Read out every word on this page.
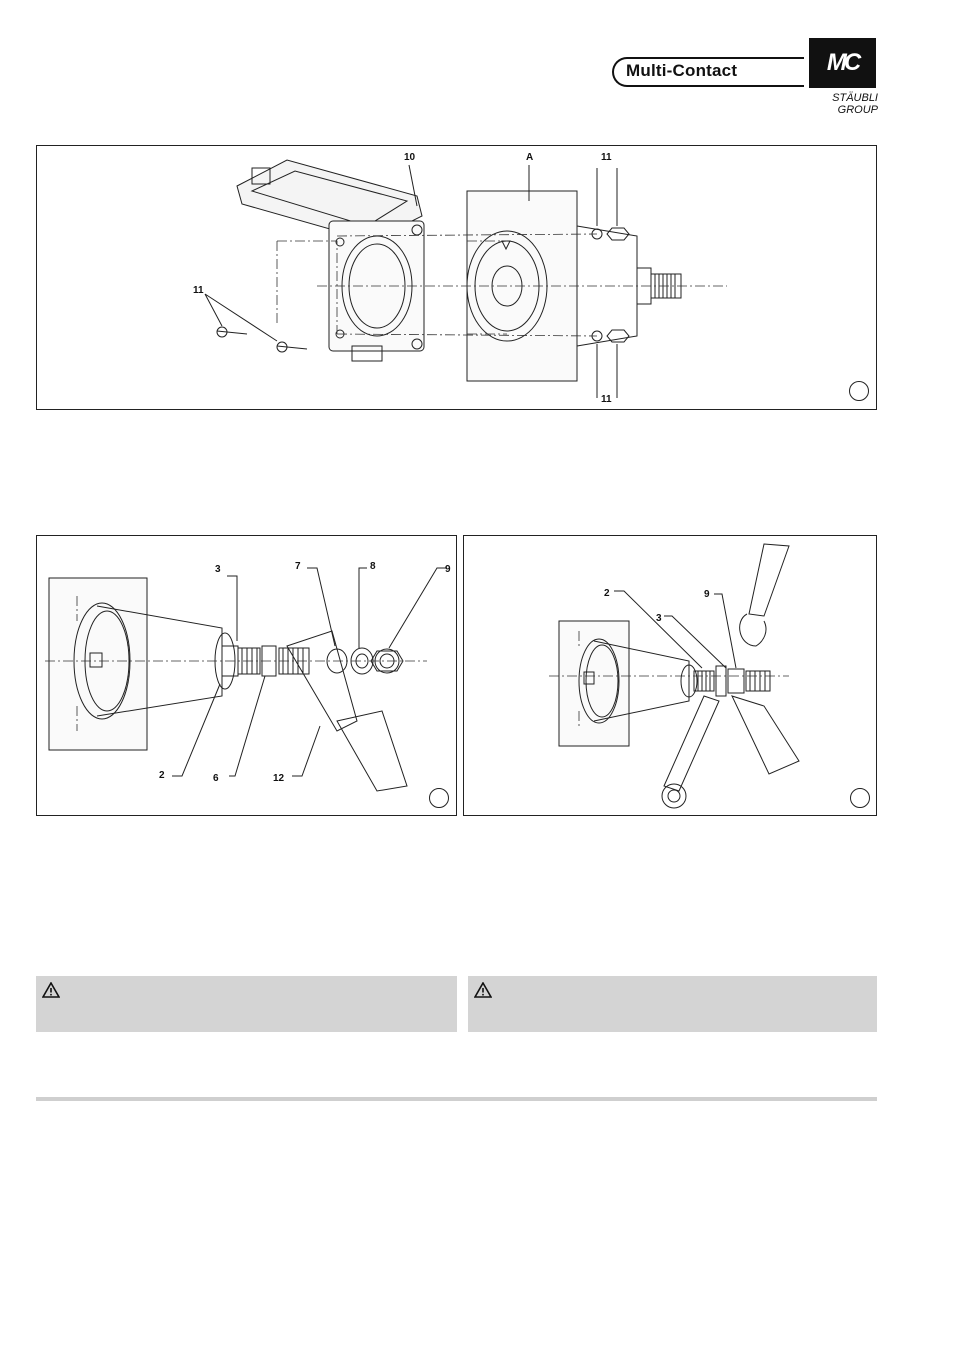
Multi-Contact	MC
STÄUBLI GROUP
10	A	11
11
11
3	7	8	9
2	6	12
2
3
9
